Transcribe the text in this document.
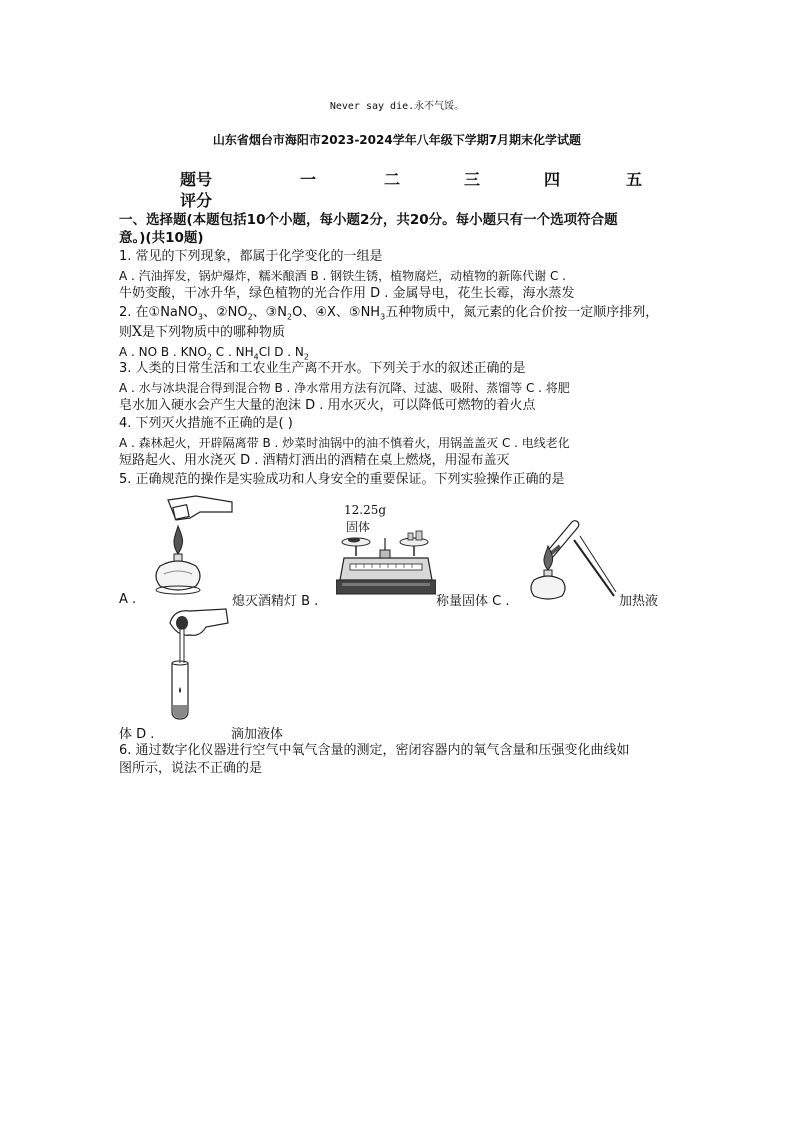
Never say die.永不气馁。
山东省烟台市海阳市2023-2024学年八年级下学期7月期末化学试题
题号	一	二	三	四	五
评分
一、选择题(本题包括10个小题，每小题2分，共20分。每小题只有一个选项符合题
意。)(共10题)
1. 常见的下列现象，都属于化学变化的一组是
A . 汽油挥发，锅炉爆炸，糯米酿酒 B . 钢铁生锈，植物腐烂，动植物的新陈代谢 C .
牛奶变酸，干冰升华，绿色植物的光合作用 D . 金属导电，花生长霉，海水蒸发
2. 在①NaNO$_3$、$②NO_2$、$③N_2O$、④X、$⑤NH_3$五种物质中，氮元素的化合价按一定顺序排列，
则X是下列物质中的哪种物质
A . NO B . $KNO_2$ C . $NH_4Cl$ D . $N_2$
3. 人类的日常生活和工农业生产离不开水。下列关于水的叙述正确的是
A . 水与冰块混合得到混合物 B . 净水常用方法有沉降、过滤、吸附、蒸馏等 C . 将肥
皂水加入硬水会产生大量的泡沫 D . 用水灭火，可以降低可燃物的着火点
4. 下列灭火措施不正确的是( )
A . 森林起火，开辟隔离带 B . 炒菜时油锅中的油不慎着火，用锅盖盖灭 C . 电线老化
短路起火、用水浇灭 D . 酒精灯洒出的酒精在桌上燃烧，用湿布盖灭
5. 正确规范的操作是实验成功和人身安全的重要保证。下列实验操作正确的是
12.25g
固体
A .	熄灭酒精灯 B .	称量固体 C .	加热液
体 D .	滴加液体
6. 通过数字化仪器进行空气中氧气含量的测定，密闭容器内的氧气含量和压强变化曲线如
图所示，说法不正确的是
